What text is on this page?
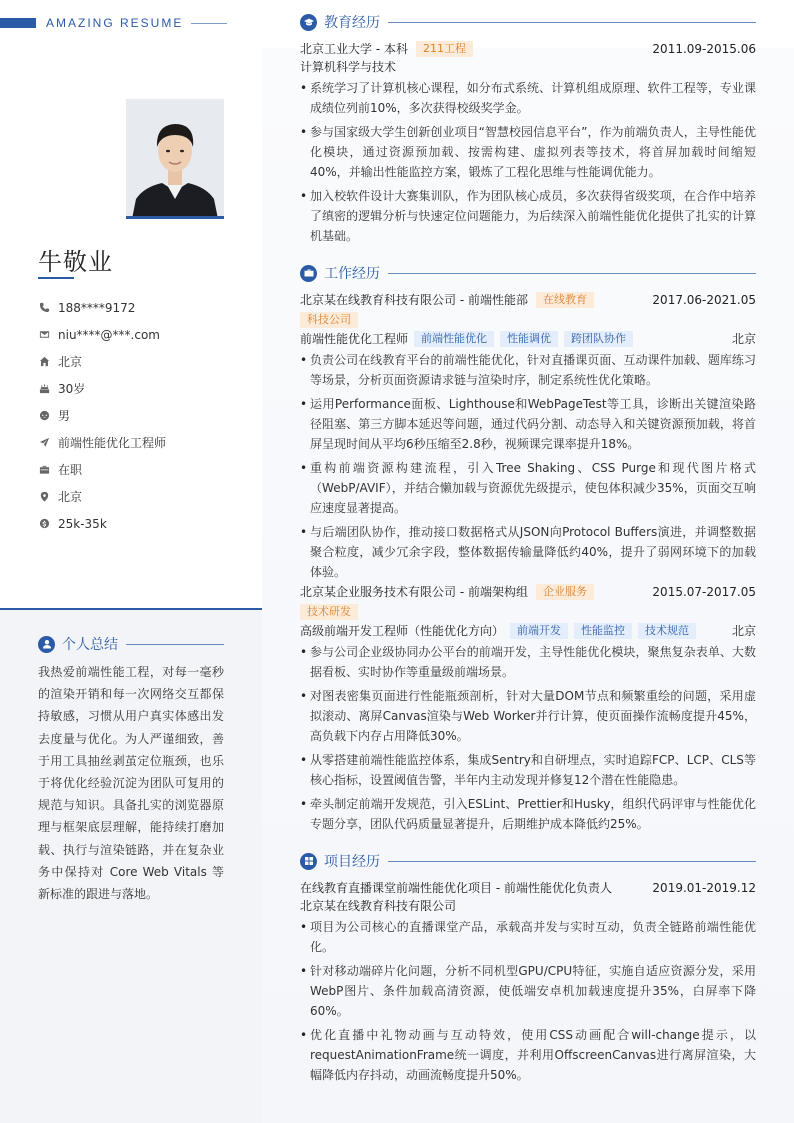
AMAZING RESUME
牛敬业
188****9172
niu****@***.com
北京
30岁
男
前端性能优化工程师
在职
北京
25k-35k
个人总结
我热爱前端性能工程，对每一毫秒的渲染开销和每一次网络交互都保持敏感，习惯从用户真实体感出发去度量与优化。为人严谨细致，善于用工具抽丝剥茧定位瓶颈，也乐于将优化经验沉淀为团队可复用的规范与知识。具备扎实的浏览器原理与框架底层理解，能持续打磨加载、执行与渲染链路，并在复杂业务中保持对 Core Web Vitals 等新标准的跟进与落地。
教育经历
北京工业大学 - 本科	211工程	2011.09-2015.06
计算机科学与技术
• 系统学习了计算机核心课程，如分布式系统、计算机组成原理、软件工程等，专业课成绩位列前10%，多次获得校级奖学金。
• 参与国家级大学生创新创业项目“智慧校园信息平台”，作为前端负责人，主导性能优化模块，通过资源预加载、按需构建、虚拟列表等技术，将首屏加载时间缩短40%，并输出性能监控方案，锻炼了工程化思维与性能调优能力。
• 加入校软件设计大赛集训队，作为团队核心成员，多次获得省级奖项，在合作中培养了缜密的逻辑分析与快速定位问题能力，为后续深入前端性能优化提供了扎实的计算机基础。
工作经历
北京某在线教育科技有限公司 - 前端性能部	在线教育	2017.06-2021.05
科技公司
前端性能优化工程师	前端性能优化	性能调优	跨团队协作	北京
• 负责公司在线教育平台的前端性能优化，针对直播课页面、互动课件加载、题库练习等场景，分析页面资源请求链与渲染时序，制定系统性优化策略。
• 运用Performance面板、Lighthouse和WebPageTest等工具，诊断出关键渲染路径阻塞、第三方脚本延迟等问题，通过代码分割、动态导入和关键资源预加载，将首屏呈现时间从平均6秒压缩至2.8秒，视频课完课率提升18%。
• 重构前端资源构建流程，引入Tree Shaking、CSS Purge和现代图片格式（WebP/AVIF），并结合懒加载与资源优先级提示，使包体积减少35%，页面交互响应速度显著提高。
• 与后端团队协作，推动接口数据格式从JSON向Protocol Buffers演进，并调整数据聚合粒度，减少冗余字段，整体数据传输量降低约40%，提升了弱网环境下的加载体验。
北京某企业服务技术有限公司 - 前端架构组	企业服务	2015.07-2017.05
技术研发
高级前端开发工程师（性能优化方向）	前端开发	性能监控	技术规范	北京
• 参与公司企业级协同办公平台的前端开发，主导性能优化模块，聚焦复杂表单、大数据看板、实时协作等重量级前端场景。
• 对图表密集页面进行性能瓶颈剖析，针对大量DOM节点和频繁重绘的问题，采用虚拟滚动、离屏Canvas渲染与Web Worker并行计算，使页面操作流畅度提升45%，高负载下内存占用降低30%。
• 从零搭建前端性能监控体系，集成Sentry和自研埋点，实时追踪FCP、LCP、CLS等核心指标，设置阈值告警，半年内主动发现并修复12个潜在性能隐患。
• 牵头制定前端开发规范，引入ESLint、Prettier和Husky，组织代码评审与性能优化专题分享，团队代码质量显著提升，后期维护成本降低约25%。
项目经历
在线教育直播课堂前端性能优化项目 - 前端性能优化负责人	2019.01-2019.12
北京某在线教育科技有限公司
• 项目为公司核心的直播课堂产品，承载高并发与实时互动，负责全链路前端性能优化。
• 针对移动端碎片化问题，分析不同机型GPU/CPU特征，实施自适应资源分发，采用WebP图片、条件加载高清资源，使低端安卓机加载速度提升35%，白屏率下降60%。
• 优化直播中礼物动画与互动特效，使用CSS动画配合will-change提示，以requestAnimationFrame统一调度，并利用OffscreenCanvas进行离屏渲染，大幅降低内存抖动，动画流畅度提升50%。
